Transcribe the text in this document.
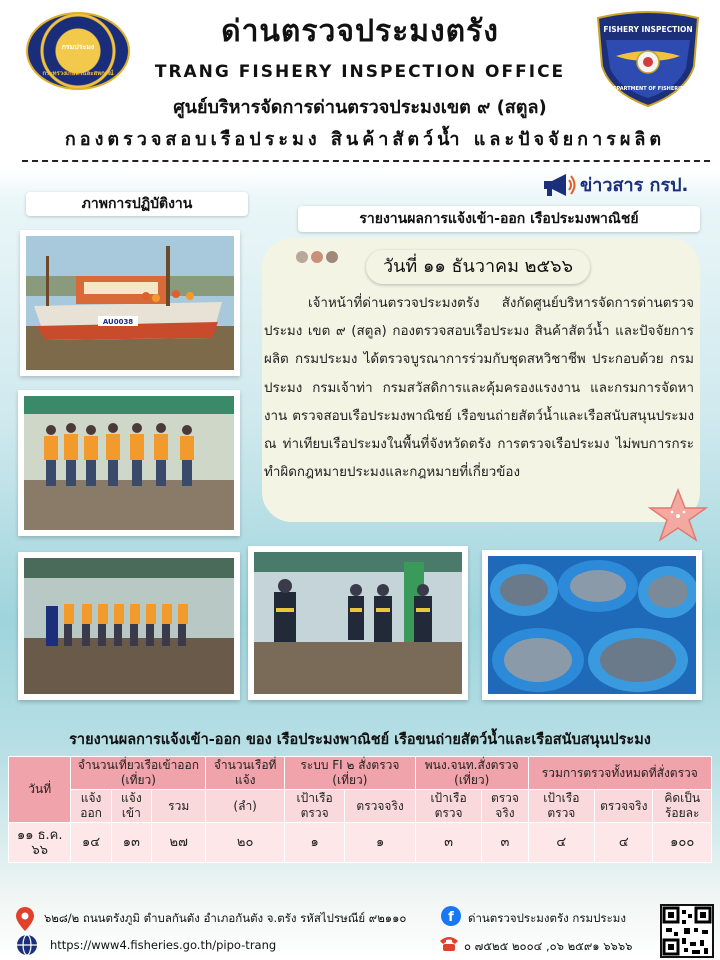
กรมประมง
กระทรวงเกษตรและสหกรณ์
ด่านตรวจประมงตรัง	FISHERY INSPECTION
DEPARTMENT OF FISHERIES
TRANG FISHERY INSPECTION OFFICE
ศูนย์บริหารจัดการด่านตรวจประมงเขต ๙ (สตูล)
กองตรวจสอบเรือประมง สินค้าสัตว์น้ำ และปัจจัยการผลิต
ข่าวสาร กรป.
ภาพการปฏิบัติงาน
รายงานผลการแจ้งเข้า-ออก เรือประมงพาณิชย์
AU0038
วันที่ ๑๑ ธันวาคม ๒๕๖๖
เจ้าหน้าที่ด่านตรวจประมงตรัง สังกัดศูนย์บริหารจัดการด่านตรวจประมง เขต ๙ (สตูล) กองตรวจสอบเรือประมง สินค้าสัตว์น้ำ และปัจจัยการผลิต กรมประมง ได้ตรวจบูรณาการร่วมกับชุดสหวิชาชีพ ประกอบด้วย กรมประมง กรมเจ้าท่า กรมสวัสดิการและคุ้มครองแรงงาน และกรมการจัดหางาน ตรวจสอบเรือประมงพาณิชย์ เรือขนถ่ายสัตว์น้ำและเรือสนับสนุนประมง ณ ท่าเทียบเรือประมงในพื้นที่จังหวัดตรัง การตรวจเรือประมง ไม่พบการกระทำผิดกฎหมายประมงและกฎหมายที่เกี่ยวข้อง
รายงานผลการแจ้งเข้า-ออก ของ เรือประมงพาณิชย์ เรือขนถ่ายสัตว์น้ำและเรือสนับสนุนประมง
วันที่	จำนวนเที่ยวเรือเข้าออก (เที่ยว)			จำนวนเรือที่แจ้ง	ระบบ FI ๒ สั่งตรวจ (เที่ยว)		พนง.จนท.สั่งตรวจ (เที่ยว)		รวมการตรวจทั้งหมดที่สั่งตรวจ		
	แจ้งออก	แจ้งเข้า	รวม	(ลำ)	เป้าเรือตรวจ	ตรวจจริง	เป้าเรือตรวจ	ตรวจจริง	เป้าเรือตรวจ	ตรวจจริง	คิดเป็นร้อยละ
๑๑ ธ.ค. ๖๖	๑๔	๑๓	๒๗	๒๐	๑	๑	๓	๓	๔	๔	๑๐๐
๖๒๘/๒ ถนนตรังภูมิ ตำบลกันตัง อำเภอกันตัง จ.ตรัง รหัสไปรษณีย์ ๙๒๑๑๐
https://www4.fisheries.go.th/pipo-trang
f ด่านตรวจประมงตรัง กรมประมง
๐ ๗๕๒๕ ๒๐๐๔ ,๐๖ ๒๕๙๑ ๖๖๖๖
